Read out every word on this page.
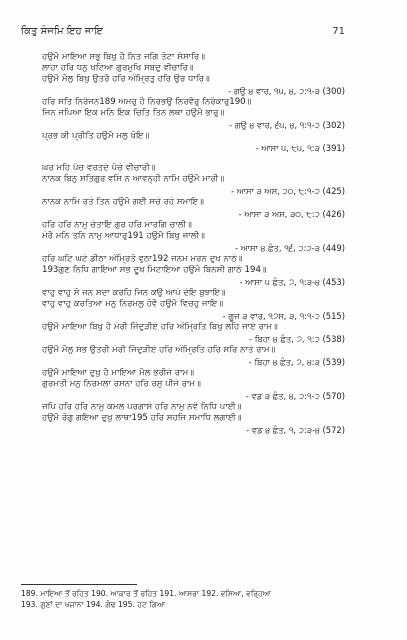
ਕਿਤੁ ਸੰਜਮਿ ਇਹ ਜਾਇ	71
ਹਉਮੈ ਮਾਇਆ ਸਭੁ ਬਿਖੁ ਹੈ ਨਿਤ ਜਗਿ ਤੋਟਾ ਸੰਸਾਰਿ॥
ਲਾਹਾ ਹਰਿ ਧਨੁ ਖਟਿਆ ਗੁਰਮੁਖਿ ਸਬਦੁ ਵੀਚਾਰਿ॥
ਹਉਮੈ ਮੈਲੁ ਬਿਖੁ ਉਤਰੈ ਹਰਿ ਅੰਮ੍ਰਿਤੁ ਹਰਿ ਉਰ ਧਾਰਿ॥
- ਗਉ ੪ ਵਾਰ, ੧੫, ੪, ੨:੧-੩ (300)
ਹਰਿ ਸਤਿ ਨਿਰੰਜਨ189 ਅਮਰੁ ਹੈ ਨਿਰਭਉ ਨਿਰਵੈਰੁ ਨਿਰੰਕਾਰੁ190॥
ਜਿਨ ਜਪਿਆ ਇਕ ਮਨਿ ਇਕ ਚਿਤਿ ਤਿਨ ਲਥਾ ਹਉਮੈ ਭਾਰੁ॥
- ਗਉ ੪ ਵਾਰ, ੬੫, ੪, ੧:੧-੨ (302)
ਪ੍ਰਭ ਕੀ ਪ੍ਰੀਤਿ ਹਉਮੈ ਮਲੁ ਖੋਇ॥
- ਆਸਾ ੫, ੮੫, ੧:੩ (391)
ਘਰ ਮਹਿ ਪੰਚ ਵਰਤਦੇ ਪੰਚੇ ਵੀਚਾਰੀ॥
ਨਾਨਕ ਬਿਨੁ ਸਤਿਗੁਰ ਵਸਿ ਨ ਆਵਨ੍ਹੀ ਨਾਮਿ ਹਉਮੈ ਮਾਰੀ॥
- ਆਸਾ ੩ ਅਸ, ੨੦, ੮:੧-੨ (425)
ਨਾਨਕ ਨਾਮਿ ਰਤੇ ਤਿਨ ਹਉਮੈ ਗਈ ਸਚੇ ਰਹੇ ਸਮਾਇ॥
- ਆਸਾ ੩ ਅਸ, ੩੦, ੮:੨ (426)
ਹਰਿ ਹਰਿ ਨਾਮੁ ਚੇਤਾਇ ਗੁਰ ਹਰਿ ਮਾਰਗਿ ਚਾਲੀ॥
ਮੇਰੈ ਮਨਿ ਤਨਿ ਨਾਮੁ ਆਧਾਰੁ191 ਹਉਮੈ ਬਿਖੁ ਜਾਲੀ॥
- ਆਸਾ ੪ ਛੰਤ, ੧੬, ੨:੨-੩ (449)
ਹਰਿ ਘਟਿ ਘਟੇ ਡੀਠਾ ਅੰਮ੍ਰਿਤੋ ਵੁਠਾ192 ਜਨਮ ਮਰਨ ਦੁਖ ਨਾਠੇ॥
193ਗੁਣ ਨਿਧਿ ਗਾਇਆ ਸਭ ਦੂਖ ਮਿਟਾਇਆ ਹਉਮੈ ਬਿਨਸੀ ਗਾਠੇ 194॥
- ਆਸਾ ੫ ਛੰਤ, ੭, ੧:੩-੪ (453)
ਵਾਹੁ ਵਾਹੁ ਸੋ ਜਨ ਸਦਾ ਕਰਹਿ ਜਿਨ ਕਉ ਆਪੇ ਦੇਇ ਬੁਝਾਇ॥
ਵਾਹੁ ਵਾਹੁ ਕਰਤਿਆ ਮਨੁ ਨਿਰਮਲੁ ਹੋਵੈ ਹਉਮੈ ਵਿਚਹੁ ਜਾਇ॥
- ਗੂਜ ੩ ਵਾਰ, ੧੭ਸ, ੩, ੧:੧-੨ (515)
ਹਉਮੈ ਮਾਇਆ ਬਿਖੁ ਹੈ ਮੇਰੀ ਜਿੰਦੁੜੀਏ ਹਰਿ ਅੰਮ੍ਰਿਤਿ ਬਿਖੁ ਲਹਿ ਜਾਏ ਰਾਮ॥
- ਬਿਹਾ ੪ ਛੰਤ, ੭, ੧:੨ (538)
ਹਉਮੈ ਮੈਲੁ ਸਭ ਉਤਰੀ ਮੇਰੀ ਜਿੰਦੁੜੀਏ ਹਰਿ ਅੰਮ੍ਰਿਤਿ ਹਰਿ ਸਰਿ ਨਾਤੇ ਰਾਮ॥
- ਬਿਹਾ ੪ ਛੰਤ, ੭, ੪:੩ (539)
ਹਉਮੈ ਮਾਇਆ ਦੁਖੁ ਹੈ ਮਾਇਆ ਮੈਲ ਭਰੀਜੇ ਰਾਮ॥
ਗੁਰਮਤੀ ਮਨੁ ਨਿਰਮਲਾ ਰਸਨਾ ਹਰਿ ਰਸੁ ਪੀਜੇ ਰਾਮ॥
- ਵਡ ੩ ਛੰਤ, ੪, ੨:੧-੨ (570)
ਜਪਿ ਹਰਿ ਹਰਿ ਨਾਮੁ ਕਮਲ ਪਰਗਾਸੇ ਹਰਿ ਨਾਮੁ ਨਵੰ ਨਿਧਿ ਪਾਈ॥
ਹਉਮੈ ਰੋਗੁ ਗਇਆ ਦੁਖੁ ਲਾਥਾ195 ਹਰਿ ਸਹਜਿ ਸਮਾਧਿ ਲਗਾਈ॥
- ਵਡ ੪ ਛੰਤ, ੧, ੨:੩-੪ (572)
189. ਮਾਇਆ ਤੋਂ ਰਹਿਤ 190. ਆਕਾਰ ਤੋਂ ਰਹਿਤ 191. ਆਸਰਾ 192. ਵਸਿਆ, ਵਰ੍ਹਿਆ
193. ਗੁਣਾਂ ਦਾ ਖਜ਼ਾਨਾ 194. ਗੰਢ 195. ਹਟ ਗਿਆ
